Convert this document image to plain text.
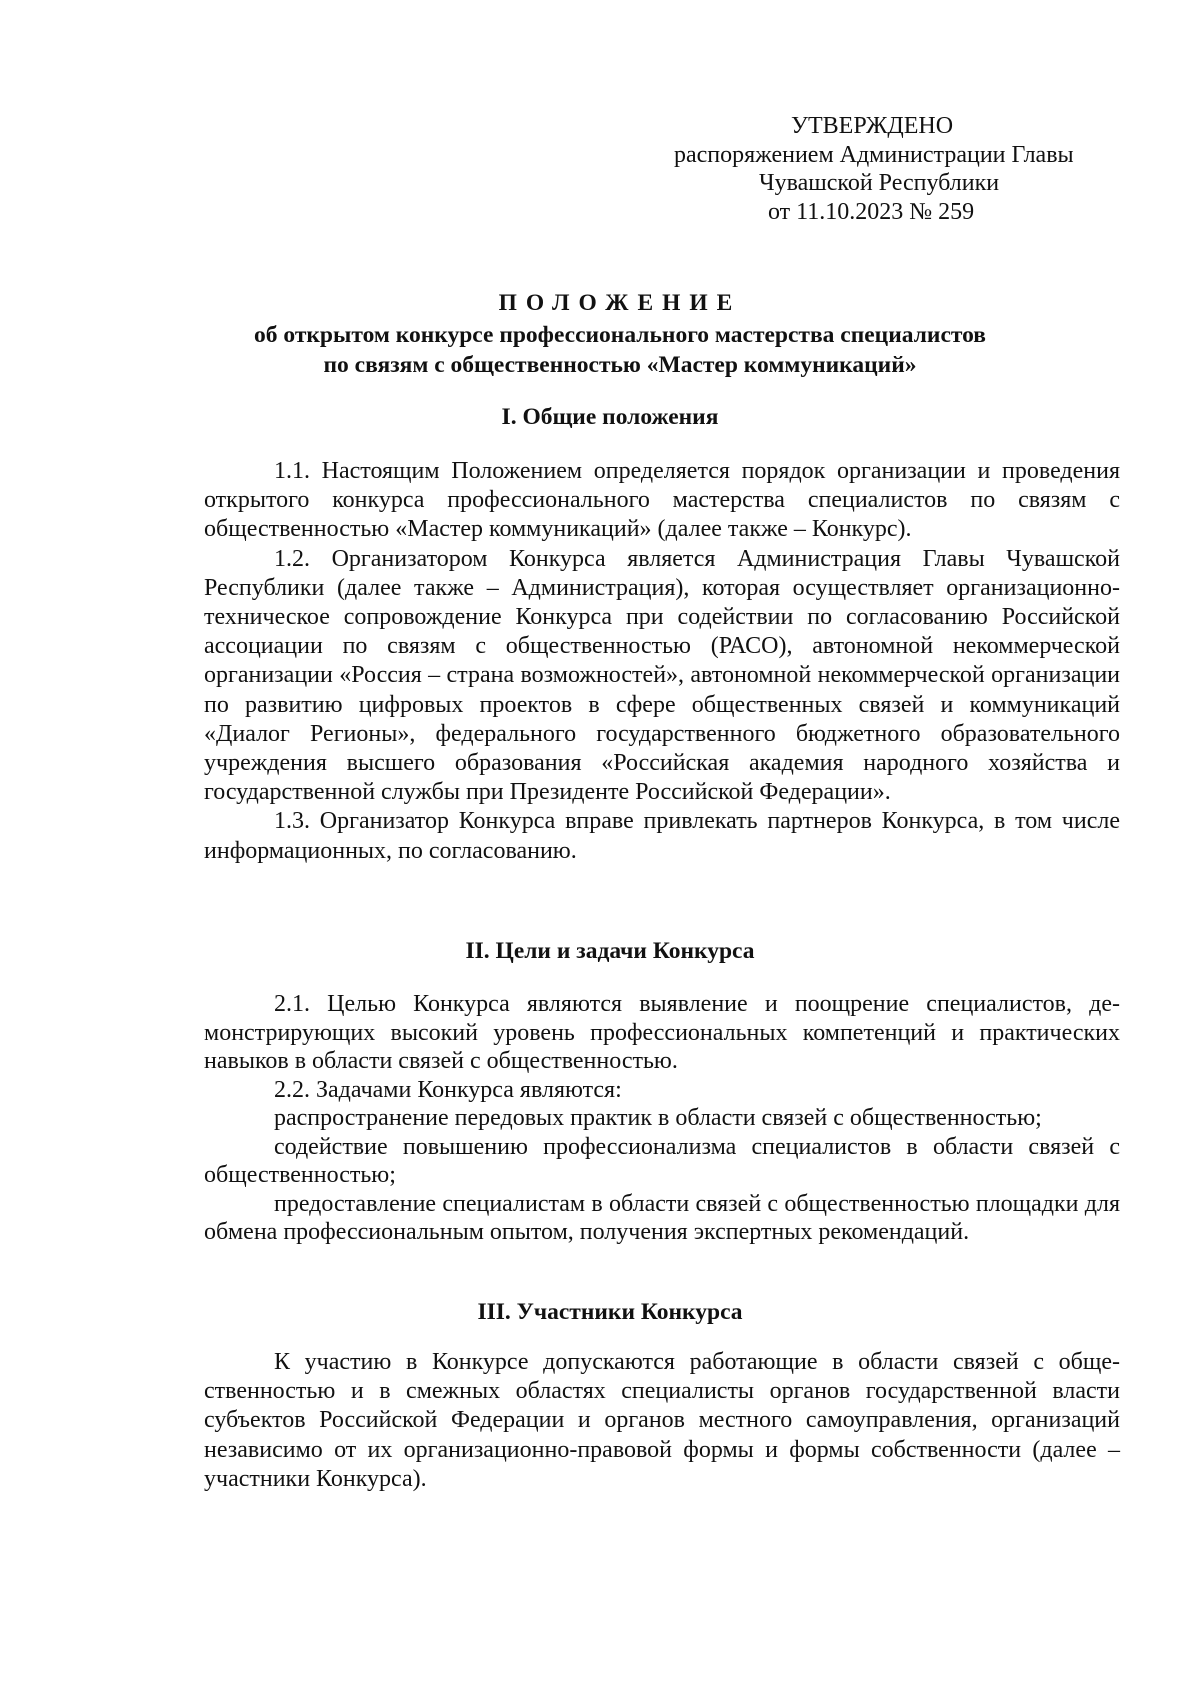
УТВЕРЖДЕНО
распоряжением Администрации Главы
Чувашской Республики
от 11.10.2023 № 259
ПОЛОЖЕНИЕ
об открытом конкурсе профессионального мастерства специалистов
по связям с общественностью «Мастер коммуникаций»
I. Общие положения

1.1. Настоящим Положением определяется порядок организации и проведения открытого конкурса профессионального мастерства специалистов по связям с общественностью «Мастер коммуникаций» (далее также – Конкурс).

1.2. Организатором Конкурса является Администрация Главы Чувашской Республики (далее также – Администрация), которая осуществляет организационно-техническое сопровождение Конкурса при содействии по согласованию Российской ассоциации по связям с общественностью (РАСО), автономной некоммерческой организации «Россия – страна возможностей», автономной некоммерческой организации по развитию цифровых проектов в сфере общественных связей и коммуникаций «Диалог Регионы», федерального государственного бюджетного образовательного учреждения высшего образования «Российская академия народного хозяйства и государственной службы при Президенте Российской Федерации».

1.3. Организатор Конкурса вправе привлекать партнеров Конкурса, в том числе информационных, по согласованию.

II. Цели и задачи Конкурса

2.1. Целью Конкурса являются выявление и поощрение специалистов, демонстрирующих высокий уровень профессиональных компетенций и практических навыков в области связей с общественностью.

2.2. Задачами Конкурса являются:

распространение передовых практик в области связей с общественностью;

содействие повышению профессионализма специалистов в области связей с общественностью;

предоставление специалистам в области связей с общественностью площадки для обмена профессиональным опытом, получения экспертных рекомендаций.

III. Участники Конкурса

К участию в Конкурсе допускаются работающие в области связей с общественностью и в смежных областях специалисты органов государственной власти субъектов Российской Федерации и органов местного самоуправления, организаций независимо от их организационно-правовой формы и формы собственности (далее – участники Конкурса).
